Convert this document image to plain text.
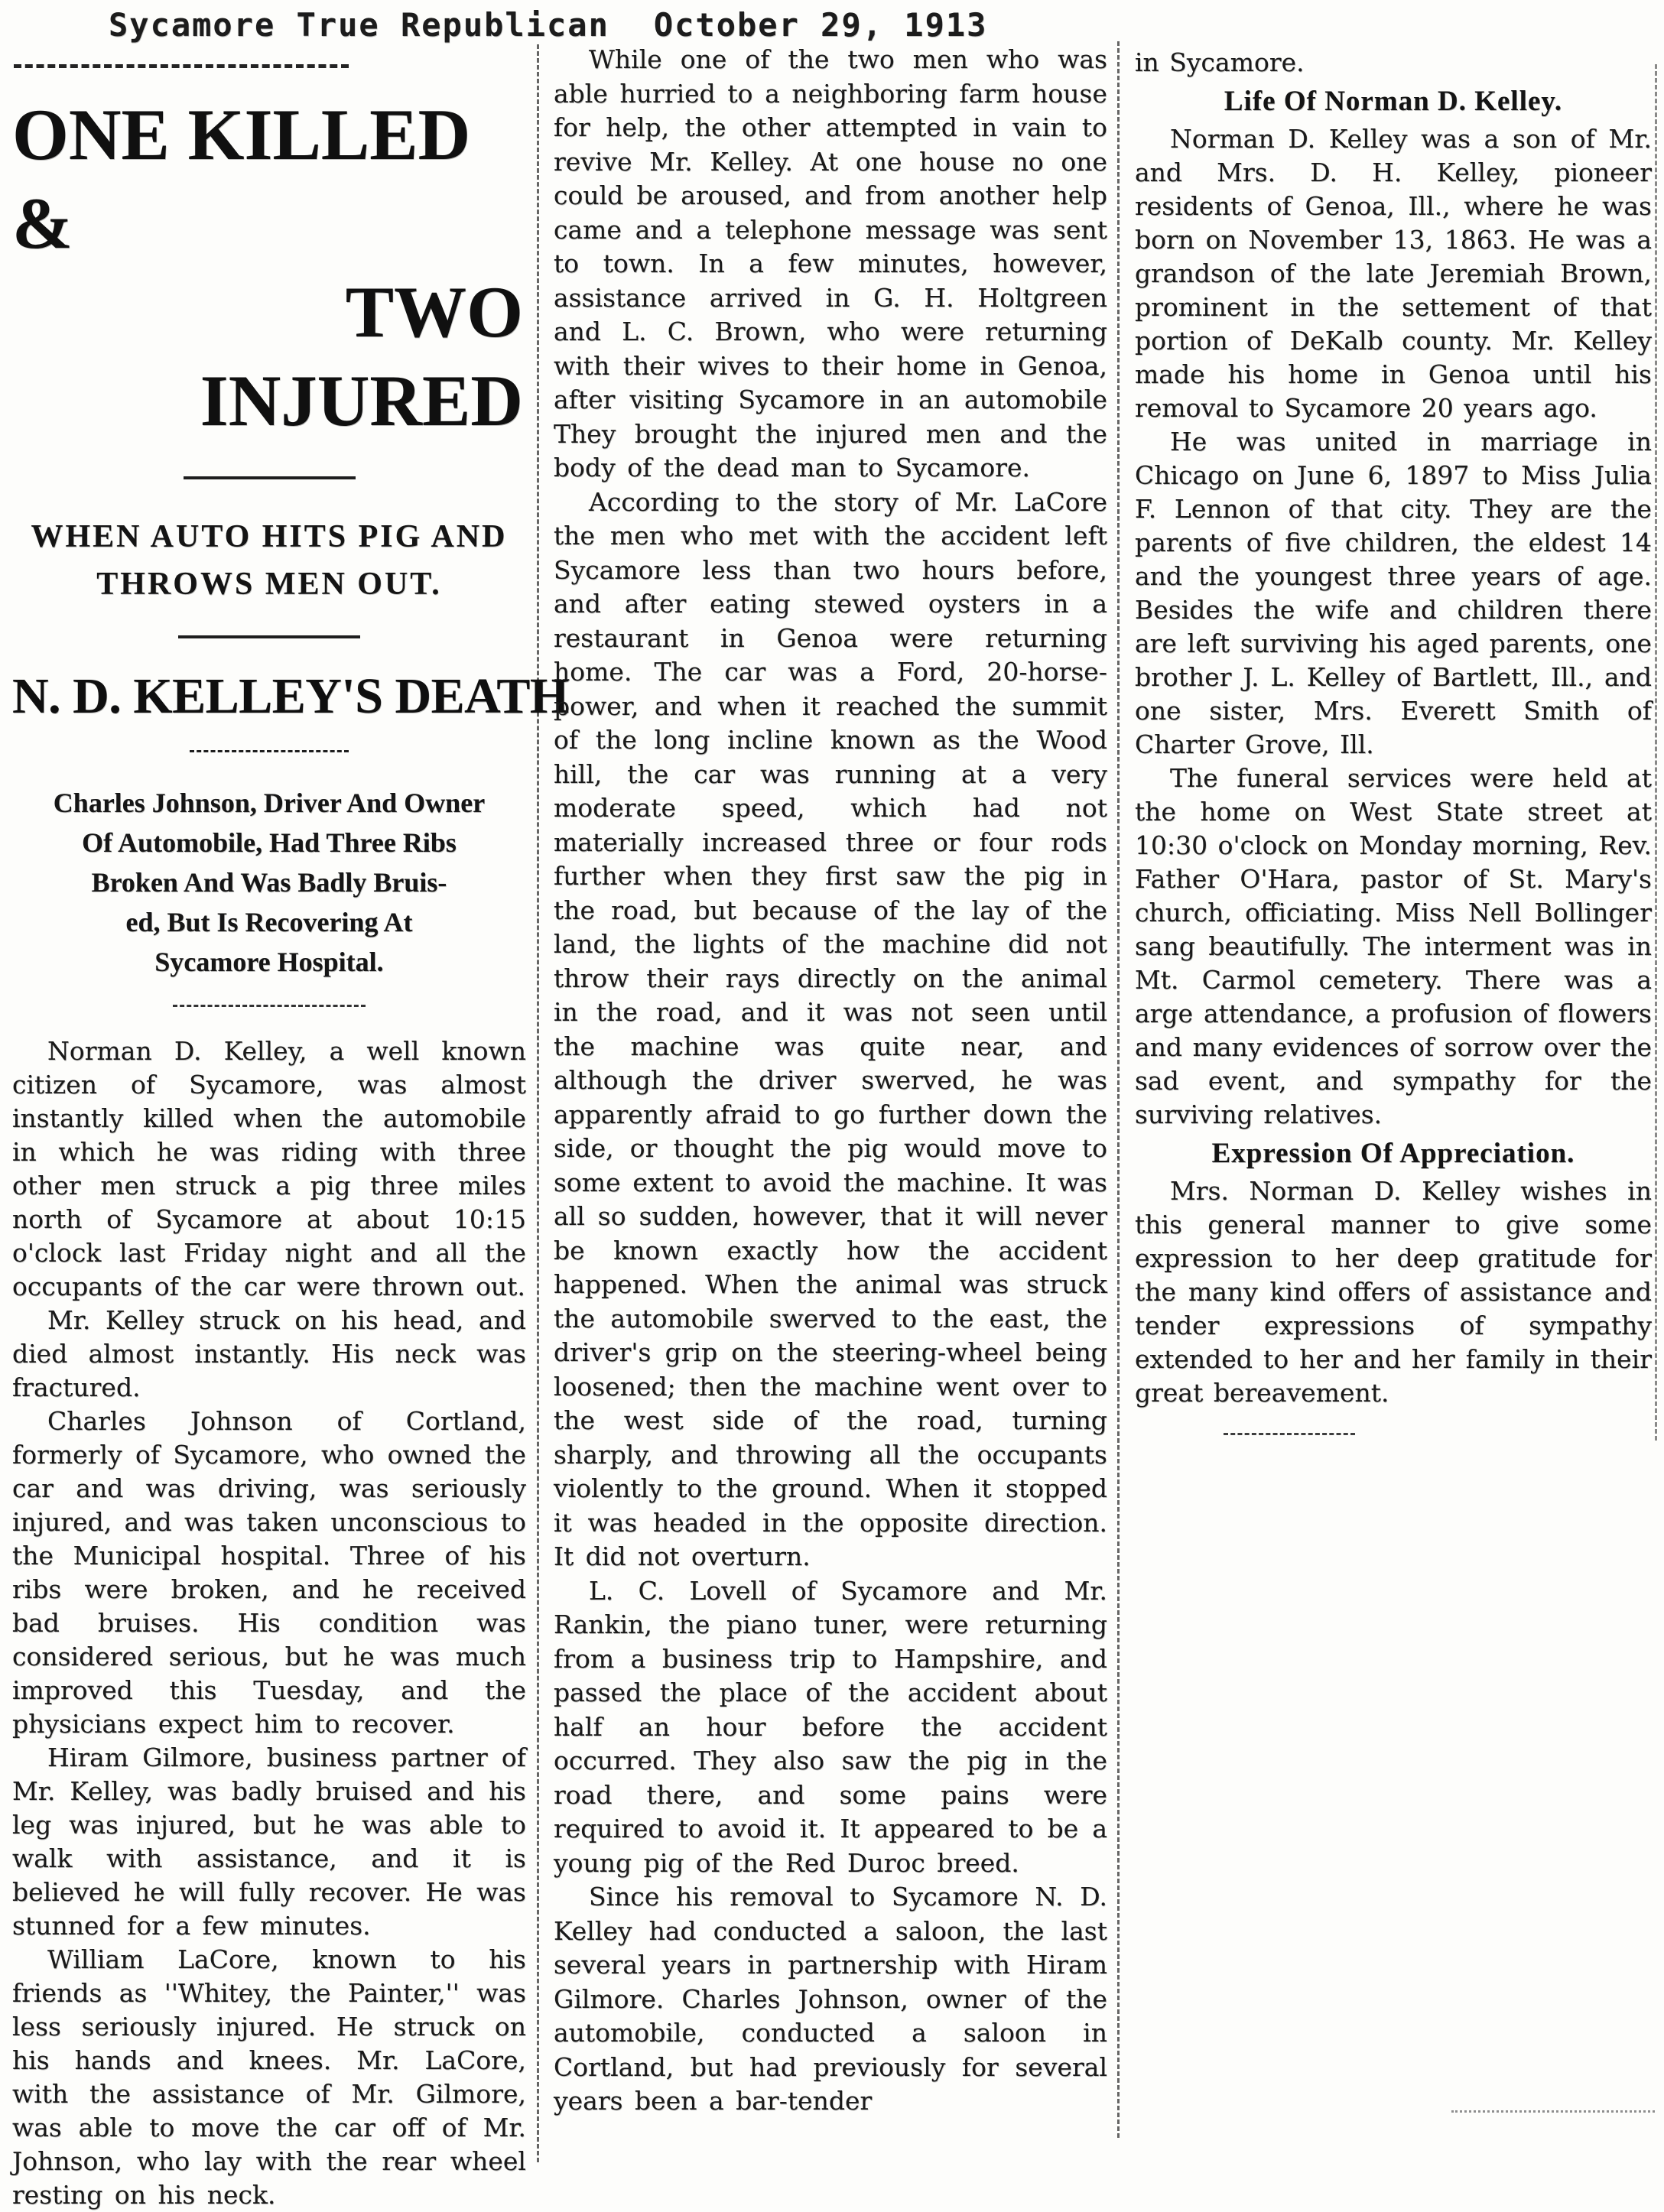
Sycamore True Republican October 29, 1913
ONE KILLED &
TWO INJURED
WHEN AUTO HITS PIG AND
THROWS MEN OUT.
N. D. KELLEY'S DEATH
Charles Johnson, Driver And Owner
Of Automobile, Had Three Ribs
Broken And Was Badly Bruis-
ed, But Is Recovering At
Sycamore Hospital.

Norman D. Kelley, a well known citizen of Sycamore, was almost instantly killed when the automobile in which he was riding with three other men struck a pig three miles north of Sycamore at about 10:15 o'clock last Friday night and all the occupants of the car were thrown out.

Mr. Kelley struck on his head, and died almost instantly. His neck was fractured.

Charles Johnson of Cortland, formerly of Sycamore, who owned the car and was driving, was seriously injured, and was taken unconscious to the Municipal hospital. Three of his ribs were broken, and he received bad bruises. His condition was considered serious, but he was much improved this Tuesday, and the physicians expect him to recover.

Hiram Gilmore, business partner of Mr. Kelley, was badly bruised and his leg was injured, but he was able to walk with assistance, and it is believed he will fully recover. He was stunned for a few minutes.

William LaCore, known to his friends as ''Whitey, the Painter,'' was less seriously injured. He struck on his hands and knees. Mr. LaCore, with the assistance of Mr. Gilmore, was able to move the car off of Mr. Johnson, who lay with the rear wheel resting on his neck.

While one of the two men who was able hurried to a neighboring farm house for help, the other attempted in vain to revive Mr. Kelley. At one house no one could be aroused, and from another help came and a telephone message was sent to town. In a few minutes, however, assistance arrived in G. H. Holtgreen and L. C. Brown, who were returning with their wives to their home in Genoa, after visiting Sycamore in an automobile They brought the injured men and the body of the dead man to Sycamore.

According to the story of Mr. LaCore the men who met with the accident left Sycamore less than two hours before, and after eating stewed oysters in a restaurant in Genoa were returning home. The car was a Ford, 20-horse-power, and when it reached the summit of the long incline known as the Wood hill, the car was running at a very moderate speed, which had not materially increased three or four rods further when they first saw the pig in the road, but because of the lay of the land, the lights of the machine did not throw their rays directly on the animal in the road, and it was not seen until the machine was quite near, and although the driver swerved, he was apparently afraid to go further down the side, or thought the pig would move to some extent to avoid the machine. It was all so sudden, however, that it will never be known exactly how the accident happened. When the animal was struck the automobile swerved to the east, the driver's grip on the steering-wheel being loosened; then the machine went over to the west side of the road, turning sharply, and throwing all the occupants violently to the ground. When it stopped it was headed in the opposite direction. It did not overturn.

L. C. Lovell of Sycamore and Mr. Rankin, the piano tuner, were returning from a business trip to Hampshire, and passed the place of the accident about half an hour before the accident occurred. They also saw the pig in the road there, and some pains were required to avoid it. It appeared to be a young pig of the Red Duroc breed.

Since his removal to Sycamore N. D. Kelley had conducted a saloon, the last several years in partnership with Hiram Gilmore. Charles Johnson, owner of the automobile, conducted a saloon in Cortland, but had previously for several years been a bar-tender

in Sycamore.

Life Of Norman D. Kelley.

Norman D. Kelley was a son of Mr. and Mrs. D. H. Kelley, pioneer residents of Genoa, Ill., where he was born on November 13, 1863. He was a grandson of the late Jeremiah Brown, prominent in the settement of that portion of DeKalb county. Mr. Kelley made his home in Genoa until his removal to Sycamore 20 years ago.

He was united in marriage in Chicago on June 6, 1897 to Miss Julia F. Lennon of that city. They are the parents of five children, the eldest 14 and the youngest three years of age. Besides the wife and children there are left surviving his aged parents, one brother J. L. Kelley of Bartlett, Ill., and one sister, Mrs. Everett Smith of Charter Grove, Ill.

The funeral services were held at the home on West State street at 10:30 o'clock on Monday morning, Rev. Father O'Hara, pastor of St. Mary's church, officiating. Miss Nell Bollinger sang beautifully. The interment was in Mt. Carmol cemetery. There was a arge attendance, a profusion of flowers and many evidences of sorrow over the sad event, and sympathy for the surviving relatives.

Expression Of Appreciation.

Mrs. Norman D. Kelley wishes in this general manner to give some expression to her deep gratitude for the many kind offers of assistance and tender expressions of sympathy extended to her and her family in their great bereavement.
